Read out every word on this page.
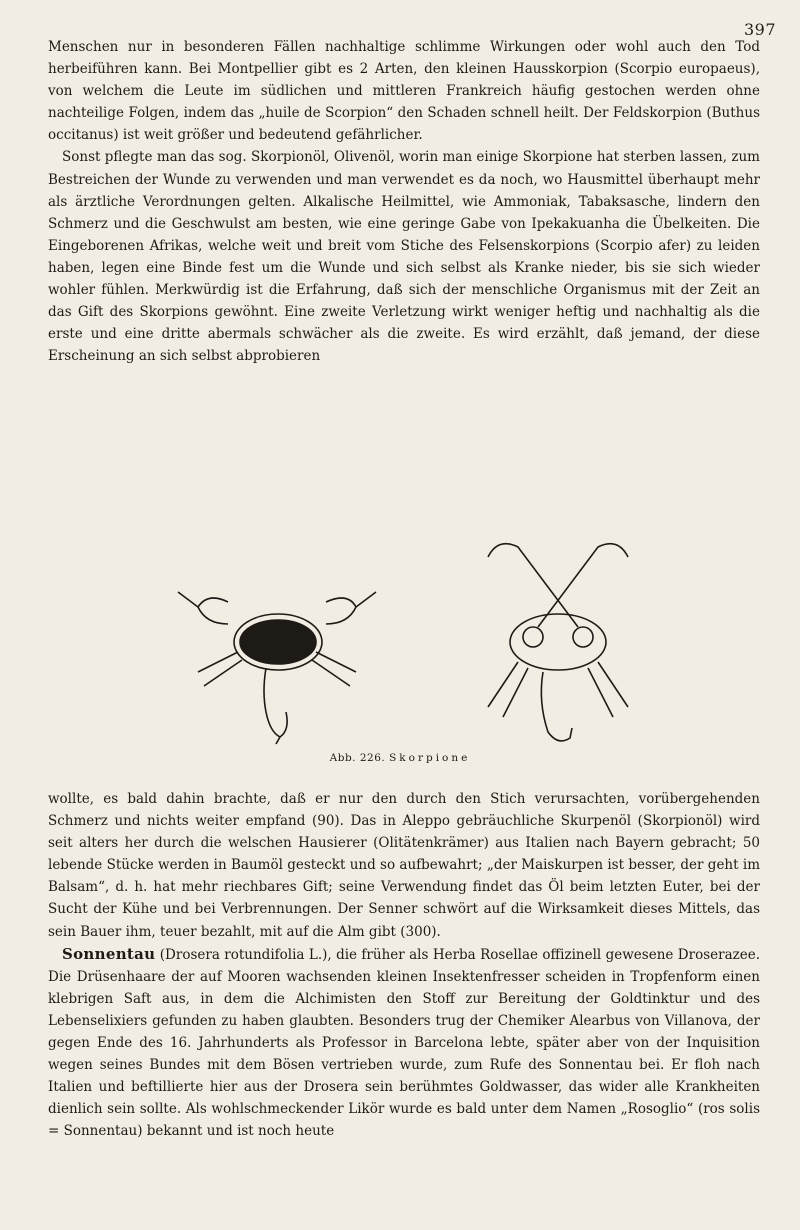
397

Menschen nur in besonderen Fällen nachhaltige schlimme Wirkungen oder wohl auch den Tod herbeiführen kann. Bei Montpellier gibt es 2 Arten, den kleinen Hausskorpion (Scorpio europaeus), von welchem die Leute im südlichen und mittleren Frankreich häufig gestochen werden ohne nachteilige Folgen, indem das „huile de Scorpion“ den Schaden schnell heilt. Der Feldskorpion (Buthus occitanus) ist weit größer und bedeutend gefährlicher.

Sonst pflegte man das sog. Skorpionöl, Olivenöl, worin man einige Skorpione hat sterben lassen, zum Bestreichen der Wunde zu verwenden und man verwendet es da noch, wo Hausmittel überhaupt mehr als ärztliche Verordnungen gelten. Alkalische Heilmittel, wie Ammoniak, Tabaksasche, lindern den Schmerz und die Geschwulst am besten, wie eine geringe Gabe von Ipekakuanha die Übelkeiten. Die Eingeborenen Afrikas, welche weit und breit vom Stiche des Felsenskorpions (Scorpio afer) zu leiden haben, legen eine Binde fest um die Wunde und sich selbst als Kranke nieder, bis sie sich wieder wohler fühlen. Merkwürdig ist die Erfahrung, daß sich der menschliche Organismus mit der Zeit an das Gift des Skorpions gewöhnt. Eine zweite Verletzung wirkt weniger heftig und nachhaltig als die erste und eine dritte abermals schwächer als die zweite. Es wird erzählt, daß jemand, der diese Erscheinung an sich selbst abprobieren

Abb. 226. Skorpione

wollte, es bald dahin brachte, daß er nur den durch den Stich verursachten, vorübergehenden Schmerz und nichts weiter empfand (90). Das in Aleppo gebräuchliche Skurpenöl (Skorpionöl) wird seit alters her durch die welschen Hausierer (Olitätenkrämer) aus Italien nach Bayern gebracht; 50 lebende Stücke werden in Baumöl gesteckt und so aufbewahrt; „der Maiskurpen ist besser, der geht im Balsam“, d. h. hat mehr riechbares Gift; seine Verwendung findet das Öl beim letzten Euter, bei der Sucht der Kühe und bei Verbrennungen. Der Senner schwört auf die Wirksamkeit dieses Mittels, das sein Bauer ihm, teuer bezahlt, mit auf die Alm gibt (300).

Sonnentau (Drosera rotundifolia L.), die früher als Herba Rosellae offizinell gewesene Droserazee. Die Drüsenhaare der auf Mooren wachsenden kleinen Insektenfresser scheiden in Tropfenform einen klebrigen Saft aus, in dem die Alchimisten den Stoff zur Bereitung der Goldtinktur und des Lebenselixiers gefunden zu haben glaubten. Besonders trug der Chemiker Alearbus von Villanova, der gegen Ende des 16. Jahrhunderts als Professor in Barcelona lebte, später aber von der Inquisition wegen seines Bundes mit dem Bösen vertrieben wurde, zum Rufe des Sonnentau bei. Er floh nach Italien und beftillierte hier aus der Drosera sein berühmtes Goldwasser, das wider alle Krankheiten dienlich sein sollte. Als wohlschmeckender Likör wurde es bald unter dem Namen „Rosoglio“ (ros solis = Sonnentau) bekannt und ist noch heute
